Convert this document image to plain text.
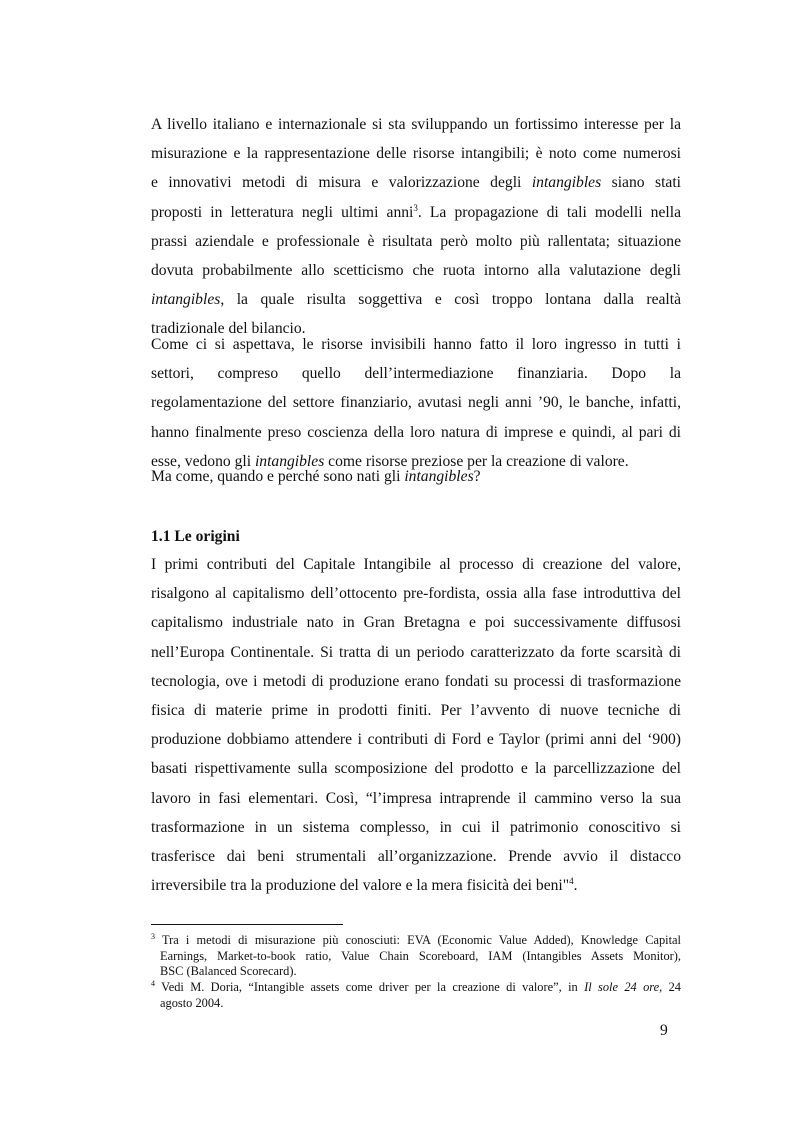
A livello italiano e internazionale si sta sviluppando un fortissimo interesse per la
misurazione e la rappresentazione delle risorse intangibili; è noto come numerosi
e innovativi metodi di misura e valorizzazione degli intangibles siano stati
proposti in letteratura negli ultimi anni$^3$. La propagazione di tali modelli nella
prassi aziendale e professionale è risultata però molto più rallentata; situazione
dovuta probabilmente allo scetticismo che ruota intorno alla valutazione degli
intangibles, la quale risulta soggettiva e così troppo lontana dalla realtà
tradizionale del bilancio.
Come ci si aspettava, le risorse invisibili hanno fatto il loro ingresso in tutti i
settori, compreso quello dell’intermediazione finanziaria. Dopo la
regolamentazione del settore finanziario, avutasi negli anni ’90, le banche, infatti,
hanno finalmente preso coscienza della loro natura di imprese e quindi, al pari di
esse, vedono gli intangibles come risorse preziose per la creazione di valore.
Ma come, quando e perché sono nati gli intangibles?
1.1 Le origini
I primi contributi del Capitale Intangibile al processo di creazione del valore,
risalgono al capitalismo dell’ottocento pre-fordista, ossia alla fase introduttiva del
capitalismo industriale nato in Gran Bretagna e poi successivamente diffusosi
nell’Europa Continentale. Si tratta di un periodo caratterizzato da forte scarsità di
tecnologia, ove i metodi di produzione erano fondati su processi di trasformazione
fisica di materie prime in prodotti finiti. Per l’avvento di nuove tecniche di
produzione dobbiamo attendere i contributi di Ford e Taylor (primi anni del ‘900)
basati rispettivamente sulla scomposizione del prodotto e la parcellizzazione del
lavoro in fasi elementari. Così, “l’impresa intraprende il cammino verso la sua
trasformazione in un sistema complesso, in cui il patrimonio conoscitivo si
trasferisce dai beni strumentali all’organizzazione. Prende avvio il distacco
irreversibile tra la produzione del valore e la mera fisicità dei beni"$^4$.
$^3$ Tra i metodi di misurazione più conosciuti: EVA (Economic Value Added), Knowledge Capital
Earnings, Market-to-book ratio, Value Chain Scoreboard, IAM (Intangibles Assets Monitor),
BSC (Balanced Scorecard).
$^4$ Vedi M. Doria, “Intangible assets come driver per la creazione di valore”, in Il sole 24 ore, 24
agosto 2004.
9
